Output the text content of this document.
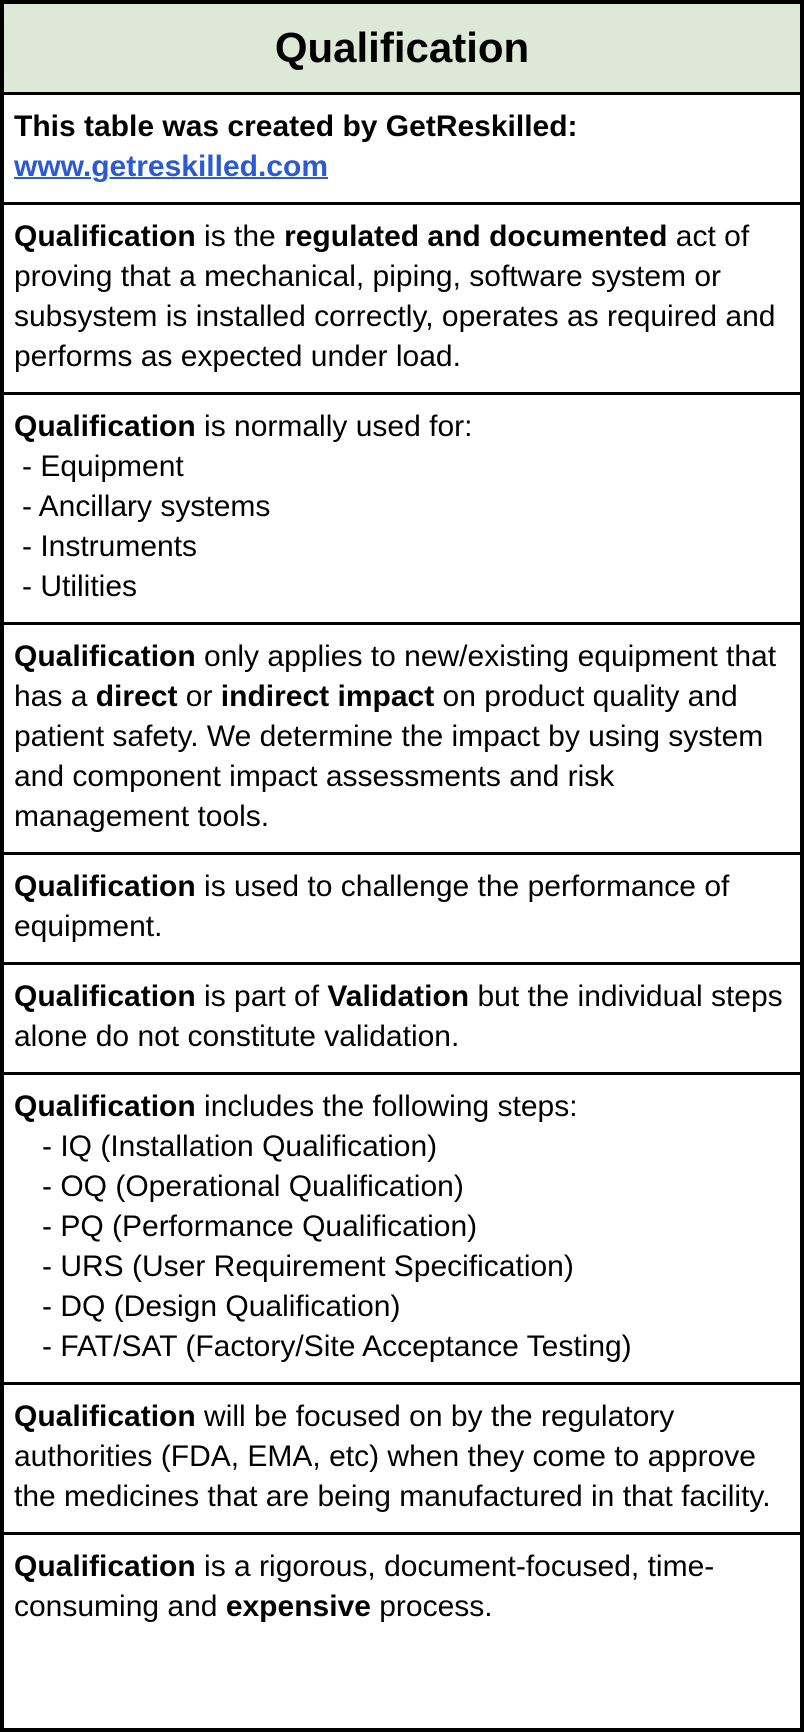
Qualification
This table was created by GetReskilled:
www.getreskilled.com
Qualification is the regulated and documented act of proving that a mechanical, piping, software system or subsystem is installed correctly, operates as required and performs as expected under load.
Qualification is normally used for:
- Equipment
- Ancillary systems
- Instruments
- Utilities
Qualification only applies to new/existing equipment that has a direct or indirect impact on product quality and patient safety. We determine the impact by using system and component impact assessments and risk management tools.
Qualification is used to challenge the performance of equipment.
Qualification is part of Validation but the individual steps alone do not constitute validation.
Qualification includes the following steps:
- IQ (Installation Qualification)
- OQ (Operational Qualification)
- PQ (Performance Qualification)
- URS (User Requirement Specification)
- DQ (Design Qualification)
- FAT/SAT (Factory/Site Acceptance Testing)
Qualification will be focused on by the regulatory authorities (FDA, EMA, etc) when they come to approve the medicines that are being manufactured in that facility.
Qualification is a rigorous, document-focused, time-consuming and expensive process.
